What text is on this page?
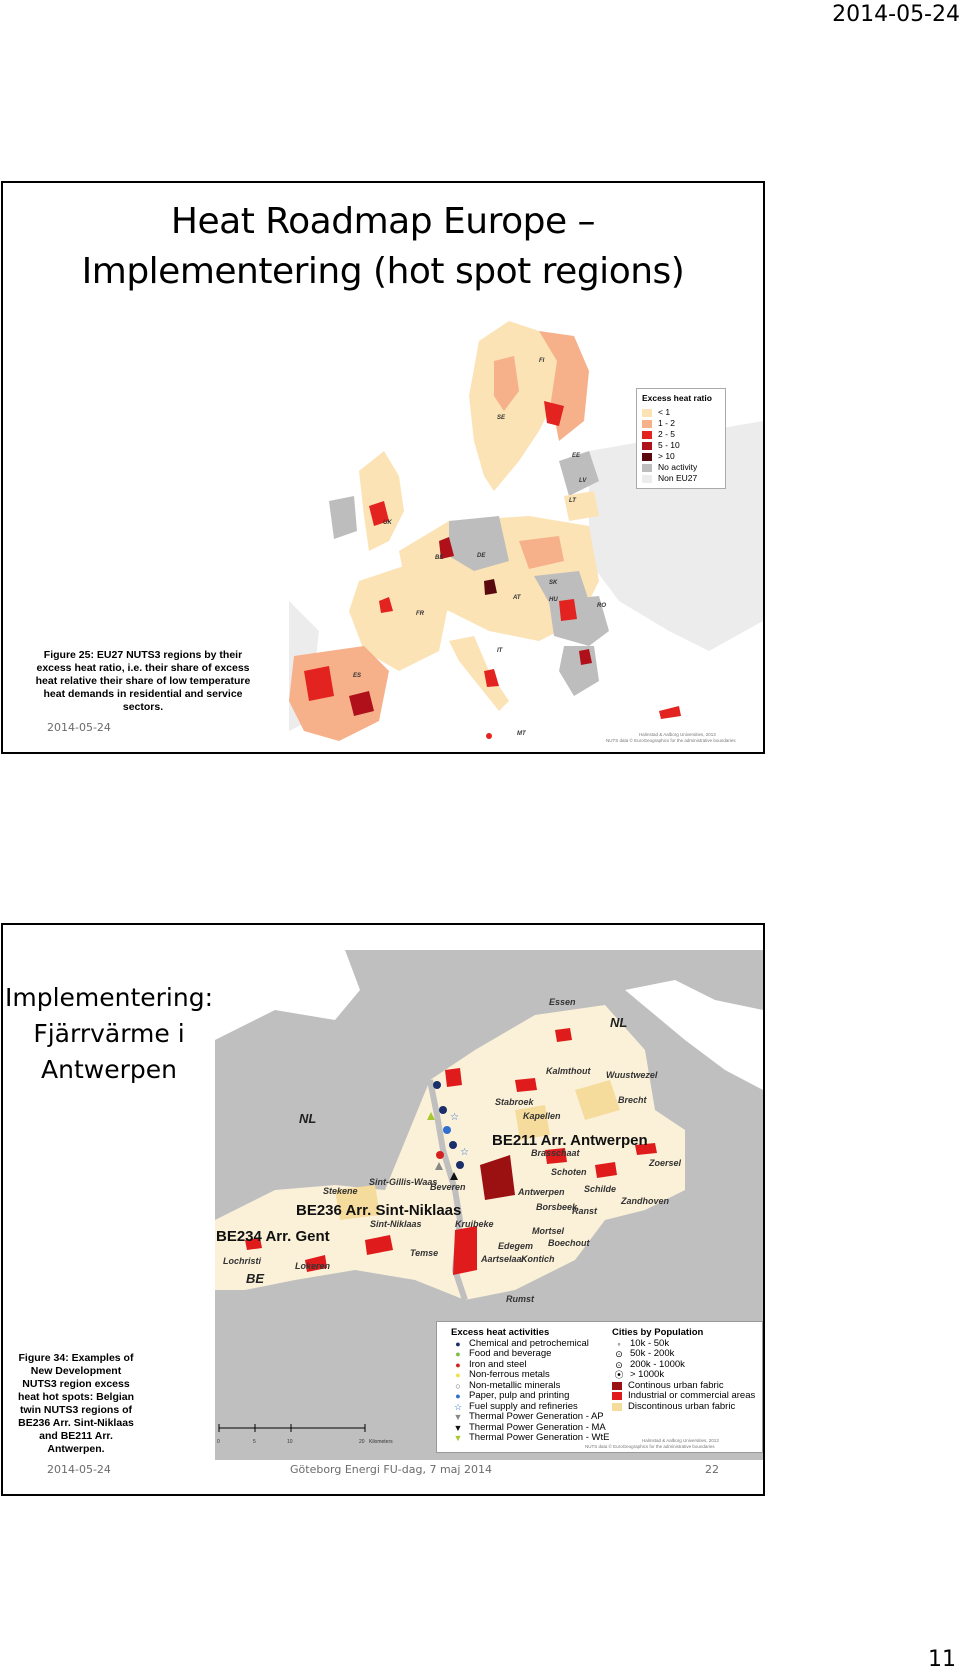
2014-05-24
11
Heat Roadmap Europe –
Implementering (hot spot regions)
FI
SE
EE
LV
LT
DE
BE
FR
AT	HU
SK
RO
ES
IT
MT
UK
Excess heat ratio
< 1
1 - 2
2 - 5
5 - 10
> 10
No activity
Non EU27
Halmstad & Aalborg Universities, 2013
NUTS data © EuroGeographics for the administrative boundaries
Figure 25: EU27 NUTS3 regions by their excess heat ratio, i.e. their share of excess heat relative their share of low temperature heat demands in residential and service sectors.
2014-05-24
Implementering:
Fjärrvärme i
Antwerpen
☆
☆
BE211 Arr. Antwerpen
BE236 Arr. Sint-Niklaas
BE234 Arr. Gent
NL
NL
BE
Essen
Kalmthout Wuustwezel
Brecht
Stabroek
Kapellen
Brasschaat
Schoten
Zoersel
Schilde
Zandhoven
Sint-Gillis-Waas
Beveren
Stekene
Sint-Niklaas	Kruibeke
Temse
Borsbeek
Ranst
Mortsel
Boechout
Edegem
Aartselaar
Kontich
Rumst
Lochristi	Lokeren
Antwerpen
0	5	10	20 Kilometers
Excess heat activities
● Chemical and petrochemical
● Food and beverage
● Iron and steel
● Non-ferrous metals
○ Non-metallic minerals
● Paper, pulp and printing
☆ Fuel supply and refineries
▼ Thermal Power Generation - AP
▼ Thermal Power Generation - MA
▼ Thermal Power Generation - WtE
Cities by Population
◦ 10k - 50k
⊙ 50k - 200k
⊙ 200k - 1000k
⦿ > 1000k
Continous urban fabric
Industrial or commercial areas
Discontinous urban fabric
Halmstad & Aalborg Universities, 2013
NUTS data © EuroGeographics for the administrative boundaries
Figure 34: Examples of New Development NUTS3 region excess heat hot spots: Belgian twin NUTS3 regions of BE236 Arr. Sint-Niklaas and BE211 Arr. Antwerpen.
2014-05-24	Göteborg Energi FU-dag, 7 maj 2014	22
